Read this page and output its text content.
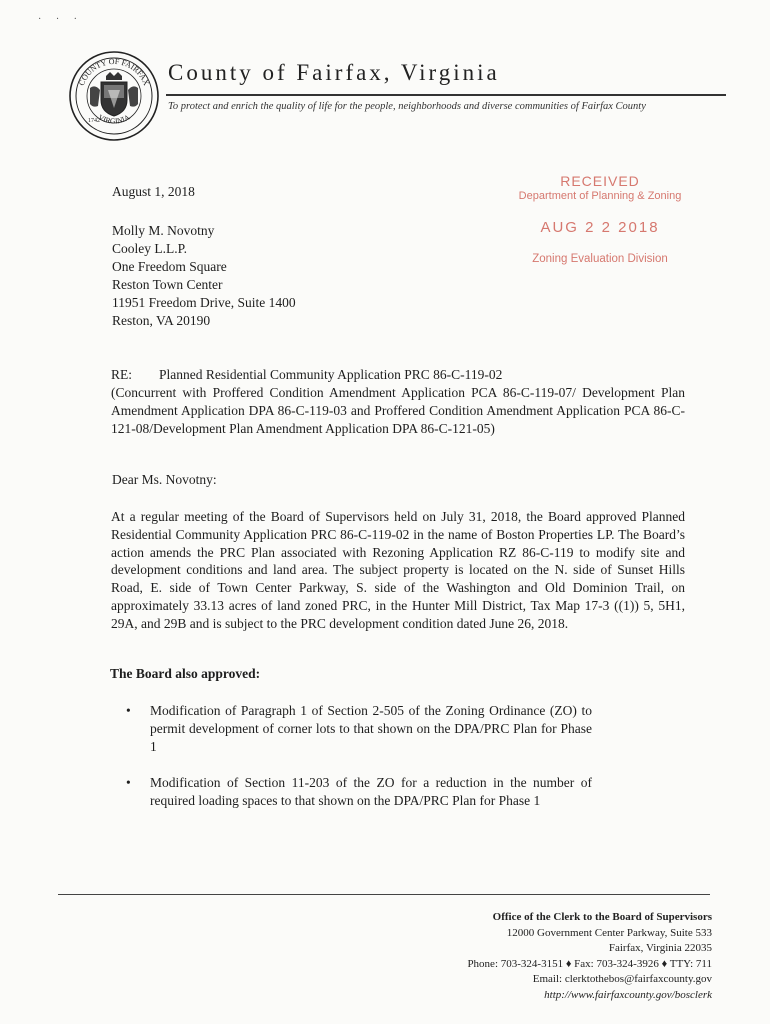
· · ·
COUNTY OF FAIRFAX
VIRGINIA
1742
County of Fairfax, Virginia
To protect and enrich the quality of life for the people, neighborhoods and diverse communities of Fairfax County
RECEIVED
Department of Planning & Zoning
AUG 2 2 2018
Zoning Evaluation Division
August 1, 2018
Molly M. Novotny
Cooley L.L.P.
One Freedom Square
Reston Town Center
11951 Freedom Drive, Suite 1400
Reston, VA 20190
RE: Planned Residential Community Application PRC 86-C-119-02
(Concurrent with Proffered Condition Amendment Application PCA 86-C-119-07/ Development Plan Amendment Application DPA 86-C-119-03 and Proffered Condition Amendment Application PCA 86-C-121-08/Development Plan Amendment Application DPA 86-C-121-05)
Dear Ms. Novotny:
At a regular meeting of the Board of Supervisors held on July 31, 2018, the Board approved Planned Residential Community Application PRC 86-C-119-02 in the name of Boston Properties LP. The Board’s action amends the PRC Plan associated with Rezoning Application RZ 86-C-119 to modify site and development conditions and land area. The subject property is located on the N. side of Sunset Hills Road, E. side of Town Center Parkway, S. side of the Washington and Old Dominion Trail, on approximately 33.13 acres of land zoned PRC, in the Hunter Mill District, Tax Map 17-3 ((1)) 5, 5H1, 29A, and 29B and is subject to the PRC development condition dated June 26, 2018.
The Board also approved:
• Modification of Paragraph 1 of Section 2-505 of the Zoning Ordinance (ZO) to permit development of corner lots to that shown on the DPA/PRC Plan for Phase 1
• Modification of Section 11-203 of the ZO for a reduction in the number of required loading spaces to that shown on the DPA/PRC Plan for Phase 1
Office of the Clerk to the Board of Supervisors
12000 Government Center Parkway, Suite 533
Fairfax, Virginia 22035
Phone: 703-324-3151 ♦ Fax: 703-324-3926 ♦ TTY: 711
Email: clerktothebos@fairfaxcounty.gov
http://www.fairfaxcounty.gov/bosclerk
